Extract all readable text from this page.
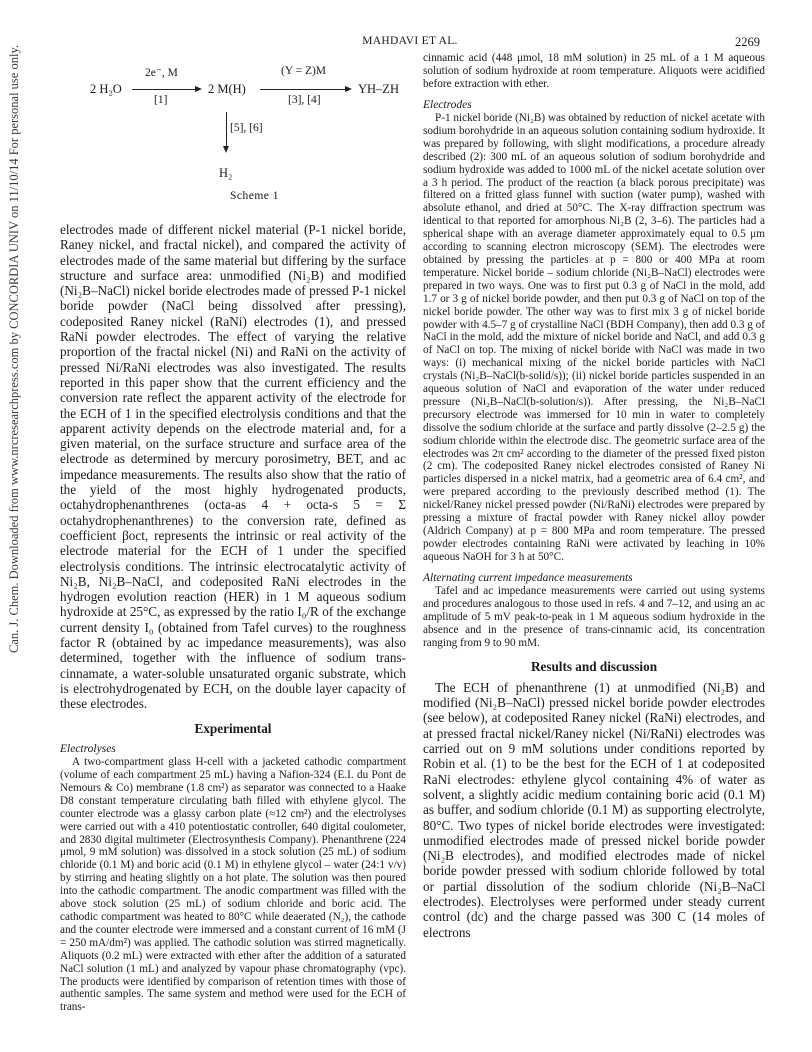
MAHDAVI ET AL.	2269
Can. J. Chem. Downloaded from www.nrcresearchpress.com by CONCORDIA UNIV on 11/10/14 For personal use only.	2 H₂O
2e⁻, M
[1]
2 M(H)
(Y = Z)M
[3], [4]
YH–ZH
[5], [6]
H₂
Scheme 1

electrodes made of different nickel material (P-1 nickel boride, Raney nickel, and fractal nickel), and compared the activity of electrodes made of the same material but differing by the surface structure and surface area: unmodified (Ni₂B) and modified (Ni₂B–NaCl) nickel boride electrodes made of pressed P-1 nickel boride powder (NaCl being dissolved after pressing), codeposited Raney nickel (RaNi) electrodes (1), and pressed RaNi powder electrodes. The effect of varying the relative proportion of the fractal nickel (Ni) and RaNi on the activity of pressed Ni/RaNi electrodes was also investigated. The results reported in this paper show that the current efficiency and the conversion rate reflect the apparent activity of the electrode for the ECH of 1 in the specified electrolysis conditions and that the apparent activity depends on the electrode material and, for a given material, on the surface structure and surface area of the electrode as determined by mercury porosimetry, BET, and ac impedance measurements. The results also show that the ratio of the yield of the most highly hydrogenated products, octahydrophenanthrenes (octa-as 4 + octa-s 5 = Σ octahydrophenanthrenes) to the conversion rate, defined as coefficient βoct, represents the intrinsic or real activity of the electrode material for the ECH of 1 under the specified electrolysis conditions. The intrinsic electrocatalytic activity of Ni₂B, Ni₂B–NaCl, and codeposited RaNi electrodes in the hydrogen evolution reaction (HER) in 1 M aqueous sodium hydroxide at 25°C, as expressed by the ratio I₀/R of the exchange current density I₀ (obtained from Tafel curves) to the roughness factor R (obtained by ac impedance measurements), was also determined, together with the influence of sodium trans-cinnamate, a water-soluble unsaturated organic substrate, which is electrohydrogenated by ECH, on the double layer capacity of these electrodes.

Experimental
Electrolyses

A two-compartment glass H-cell with a jacketed cathodic compartment (volume of each compartment 25 mL) having a Nafion-324 (E.I. du Pont de Nemours & Co) membrane (1.8 cm²) as separator was connected to a Haake D8 constant temperature circulating bath filled with ethylene glycol. The counter electrode was a glassy carbon plate (≈12 cm²) and the electrolyses were carried out with a 410 potentiostatic controller, 640 digital coulometer, and 2830 digital multimeter (Electrosynthesis Company). Phenanthrene (224 μmol, 9 mM solution) was dissolved in a stock solution (25 mL) of sodium chloride (0.1 M) and boric acid (0.1 M) in ethylene glycol – water (24:1 v/v) by stirring and heating slightly on a hot plate. The solution was then poured into the cathodic compartment. The anodic compartment was filled with the above stock solution (25 mL) of sodium chloride and boric acid. The cathodic compartment was heated to 80°C while deaerated (N₂), the cathode and the counter electrode were immersed and a constant current of 16 mM (J = 250 mA/dm²) was applied. The cathodic solution was stirred magnetically. Aliquots (0.2 mL) were extracted with ether after the addition of a saturated NaCl solution (1 mL) and analyzed by vapour phase chromatography (vpc). The products were identified by comparison of retention times with those of authentic samples. The same system and method were used for the ECH of trans-

cinnamic acid (448 μmol, 18 mM solution) in 25 mL of a 1 M aqueous solution of sodium hydroxide at room temperature. Aliquots were acidified before extraction with ether.

Electrodes

P-1 nickel boride (Ni₂B) was obtained by reduction of nickel acetate with sodium borohydride in an aqueous solution containing sodium hydroxide. It was prepared by following, with slight modifications, a procedure already described (2): 300 mL of an aqueous solution of sodium borohydride and sodium hydroxide was added to 1000 mL of the nickel acetate solution over a 3 h period. The product of the reaction (a black porous precipitate) was filtered on a fritted glass funnel with suction (water pump), washed with absolute ethanol, and dried at 50°C. The X-ray diffraction spectrum was identical to that reported for amorphous Ni₂B (2, 3–6). The particles had a spherical shape with an average diameter approximately equal to 0.5 μm according to scanning electron microscopy (SEM). The electrodes were obtained by pressing the particles at p = 800 or 400 MPa at room temperature. Nickel boride – sodium chloride (Ni₂B–NaCl) electrodes were prepared in two ways. One was to first put 0.3 g of NaCl in the mold, add 1.7 or 3 g of nickel boride powder, and then put 0.3 g of NaCl on top of the nickel boride powder. The other way was to first mix 3 g of nickel boride powder with 4.5–7 g of crystalline NaCl (BDH Company), then add 0.3 g of NaCl in the mold, add the mixture of nickel boride and NaCl, and add 0.3 g of NaCl on top. The mixing of nickel boride with NaCl was made in two ways: (i) mechanical mixing of the nickel boride particles with NaCl crystals (Ni₂B–NaCl(b-solid/s)); (ii) nickel boride particles suspended in an aqueous solution of NaCl and evaporation of the water under reduced pressure (Ni₂B–NaCl(b-solution/s)). After pressing, the Ni₂B–NaCl precursory electrode was immersed for 10 min in water to completely dissolve the sodium chloride at the surface and partly dissolve (2–2.5 g) the sodium chloride within the electrode disc. The geometric surface area of the electrodes was 2π cm² according to the diameter of the pressed fixed piston (2 cm). The codeposited Raney nickel electrodes consisted of Raney Ni particles dispersed in a nickel matrix, had a geometric area of 6.4 cm², and were prepared according to the previously described method (1). The nickel/Raney nickel pressed powder (Ni/RaNi) electrodes were prepared by pressing a mixture of fractal powder with Raney nickel alloy powder (Aldrich Company) at p = 800 MPa and room temperature. The pressed powder electrodes containing RaNi were activated by leaching in 10% aqueous NaOH for 3 h at 50°C.

Alternating current impedance measurements

Tafel and ac impedance measurements were carried out using systems and procedures analogous to those used in refs. 4 and 7–12, and using an ac amplitude of 5 mV peak-to-peak in 1 M aqueous sodium hydroxide in the absence and in the presence of trans-cinnamic acid, its concentration ranging from 9 to 90 mM.

Results and discussion

The ECH of phenanthrene (1) at unmodified (Ni₂B) and modified (Ni₂B–NaCl) pressed nickel boride powder electrodes (see below), at codeposited Raney nickel (RaNi) electrodes, and at pressed fractal nickel/Raney nickel (Ni/RaNi) electrodes was carried out on 9 mM solutions under conditions reported by Robin et al. (1) to be the best for the ECH of 1 at codeposited RaNi electrodes: ethylene glycol containing 4% of water as solvent, a slightly acidic medium containing boric acid (0.1 M) as buffer, and sodium chloride (0.1 M) as supporting electrolyte, 80°C. Two types of nickel boride electrodes were investigated: unmodified electrodes made of pressed nickel boride powder (Ni₂B electrodes), and modified electrodes made of nickel boride powder pressed with sodium chloride followed by total or partial dissolution of the sodium chloride (Ni₂B–NaCl electrodes). Electrolyses were performed under steady current control (dc) and the charge passed was 300 C (14 moles of electrons
